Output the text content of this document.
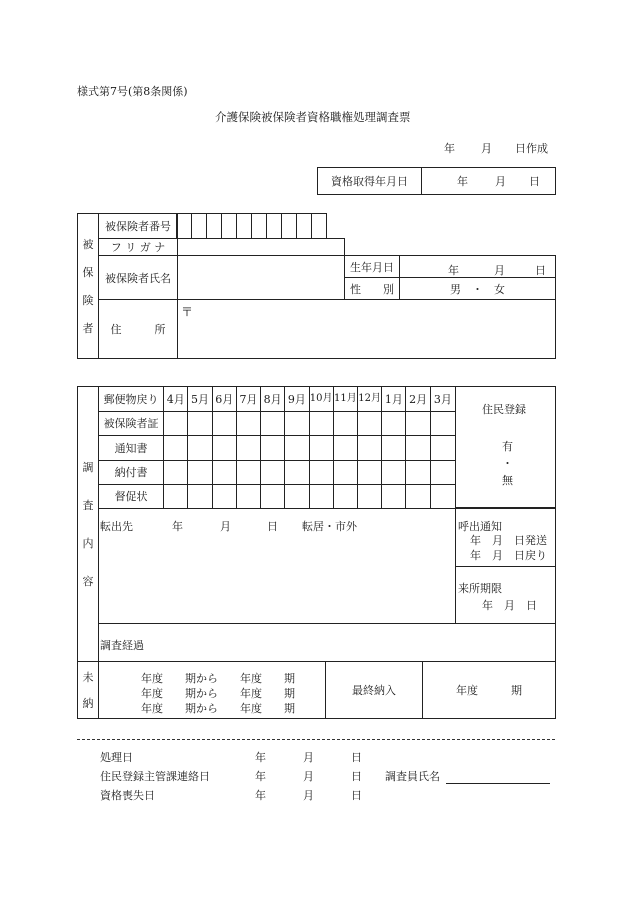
様式第7号(第8条関係)
介護保険被保険者資格職権処理調査票
年 月 日作成
資格取得年月日	年 月 日
被
保
険
者
被保険者番号
フ リ ガ ナ
被保険者氏名
生年月日	年	月	日
性　　別	男　・　女
住　　　所
〒
調
査
内
容
郵便物戻り	4月	5月	6月	7月	8月	9月	10月	11月	12月	1月	2月	3月
被保険者証												
通知書												
納付書												
督促状												
住民登録
有
・
無
転出先	年	月	日 転居・市外	呼出通知
年　月　日発送
年　月　日戻り
来所期限
年　月　日
調査経過
未
納
年度　　期から　　年度　　期
年度　　期から　　年度　　期
年度　　期から　　年度　　期
最終納入	年度　　　期
処理日	年	月	日
住民登録主管課連絡日	年	月	日 調査員氏名
資格喪失日	年	月	日
